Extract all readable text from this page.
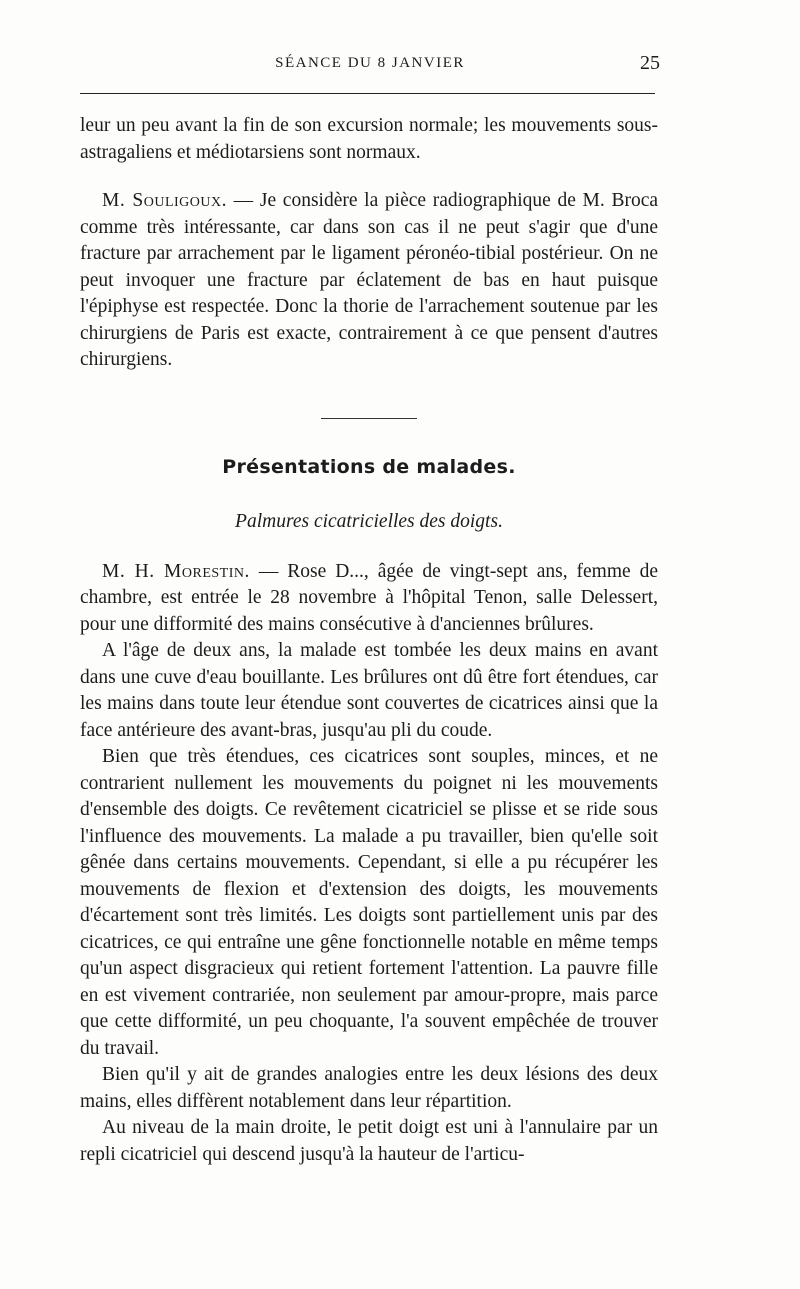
SÉANCE DU 8 JANVIER	25

leur un peu avant la fin de son excursion normale; les mouvements sous-astragaliens et médiotarsiens sont normaux.

M. Souligoux. — Je considère la pièce radiographique de M. Broca comme très intéressante, car dans son cas il ne peut s'agir que d'une fracture par arrachement par le ligament péronéo-tibial postérieur. On ne peut invoquer une fracture par éclatement de bas en haut puisque l'épiphyse est respectée. Donc la thorie de l'arrachement soutenue par les chirurgiens de Paris est exacte, contrairement à ce que pensent d'autres chirurgiens.

Présentations de malades.
Palmures cicatricielles des doigts.

M. H. Morestin. — Rose D..., âgée de vingt-sept ans, femme de chambre, est entrée le 28 novembre à l'hôpital Tenon, salle Delessert, pour une difformité des mains consécutive à d'anciennes brûlures.

A l'âge de deux ans, la malade est tombée les deux mains en avant dans une cuve d'eau bouillante. Les brûlures ont dû être fort étendues, car les mains dans toute leur étendue sont couvertes de cicatrices ainsi que la face antérieure des avant-bras, jusqu'au pli du coude.

Bien que très étendues, ces cicatrices sont souples, minces, et ne contrarient nullement les mouvements du poignet ni les mouvements d'ensemble des doigts. Ce revêtement cicatriciel se plisse et se ride sous l'influence des mouvements. La malade a pu travailler, bien qu'elle soit gênée dans certains mouvements. Cependant, si elle a pu récupérer les mouvements de flexion et d'extension des doigts, les mouvements d'écartement sont très limités. Les doigts sont partiellement unis par des cicatrices, ce qui entraîne une gêne fonctionnelle notable en même temps qu'un aspect disgracieux qui retient fortement l'attention. La pauvre fille en est vivement contrariée, non seulement par amour-propre, mais parce que cette difformité, un peu choquante, l'a souvent empêchée de trouver du travail.

Bien qu'il y ait de grandes analogies entre les deux lésions des deux mains, elles diffèrent notablement dans leur répartition.

Au niveau de la main droite, le petit doigt est uni à l'annulaire par un repli cicatriciel qui descend jusqu'à la hauteur de l'articu-
